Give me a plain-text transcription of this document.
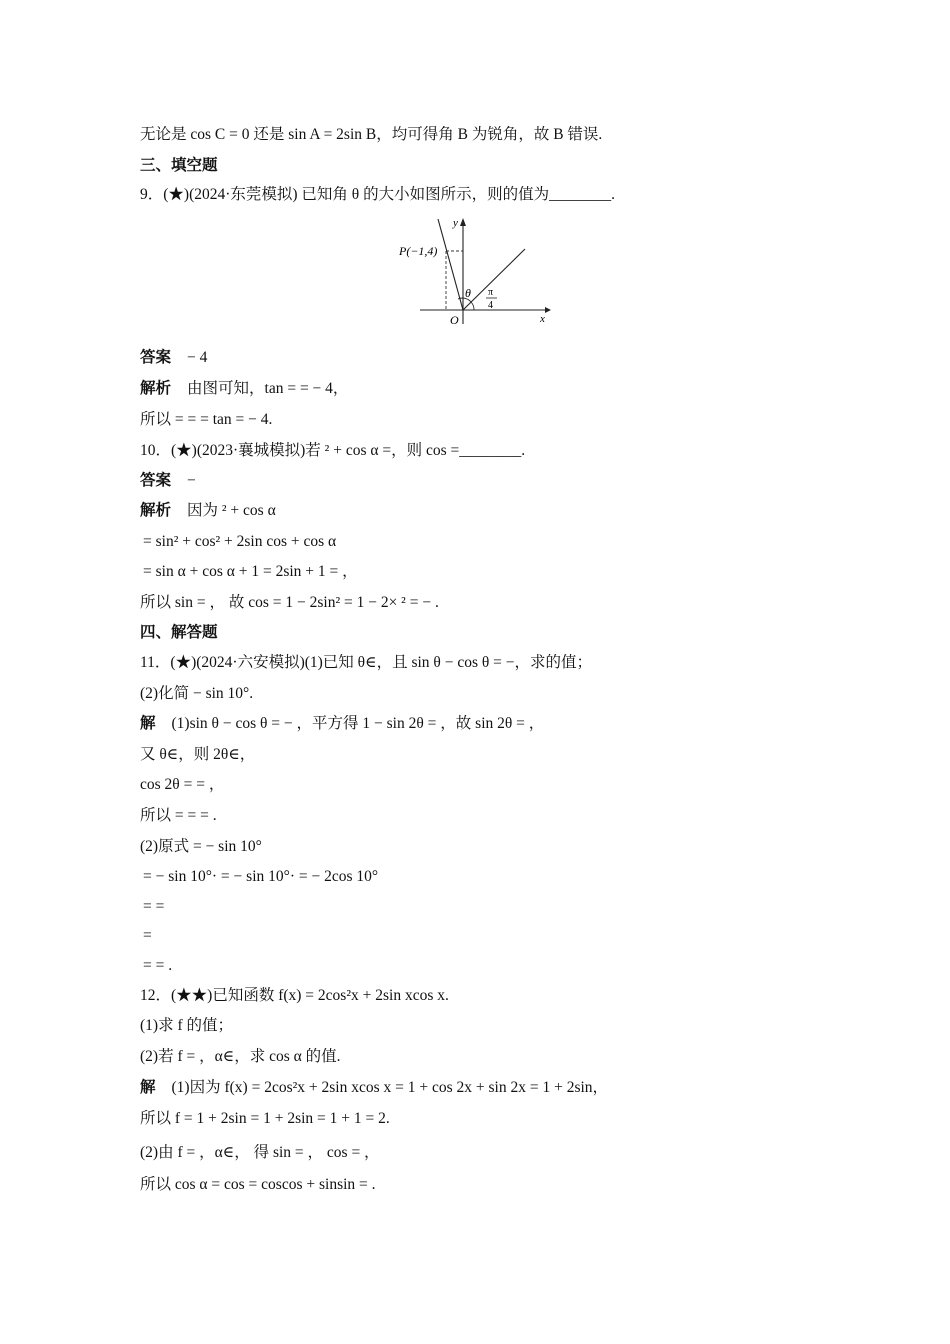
无论是 cos C = 0 还是 sin A = 2sin B，均可得角 B 为锐角，故 B 错误.
三、填空题
9．(★)(2024·东莞模拟) 已知角 θ 的大小如图所示，则的值为________.
P(−1,4)
y
x
O
θ π
4
答案 − 4
解析 由图可知，tan = = − 4，
所以 = = = tan = − 4.
10．(★)(2023·襄城模拟)若 ² + cos α =，则 cos =________.
答案 −
解析 因为 ² + cos α
= sin² + cos² + 2sin cos + cos α
= sin α + cos α + 1 = 2sin + 1 = ，
所以 sin = ， 故 cos = 1 − 2sin² = 1 − 2× ² = − .
四、解答题
11．(★)(2024·六安模拟)(1)已知 θ∈，且 sin θ − cos θ = −，求的值；
(2)化简 − sin 10°.
解 (1)sin θ − cos θ = − ，平方得 1 − sin 2θ = ，故 sin 2θ = ，
又 θ∈，则 2θ∈，
cos 2θ = = ，
所以 = = = .
(2)原式 = − sin 10°
= − sin 10°· = − sin 10°· = − 2cos 10°
= =
=
= = .
12．(★★)已知函数 f(x) = 2cos²x + 2sin xcos x.
(1)求 f 的值；
(2)若 f = ，α∈，求 cos α 的值.
解 (1)因为 f(x) = 2cos²x + 2sin xcos x = 1 + cos 2x + sin 2x = 1 + 2sin，
所以 f = 1 + 2sin = 1 + 2sin = 1 + 1 = 2.
(2)由 f = ，α∈， 得 sin = ， cos = ，
所以 cos α = cos = coscos + sinsin = .
